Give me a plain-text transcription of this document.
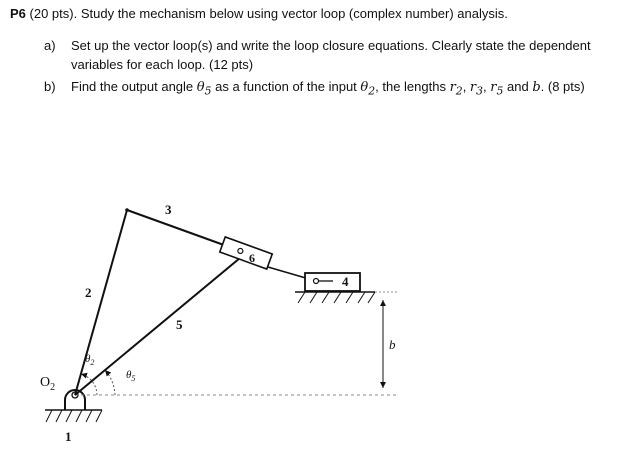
P6 (20 pts). Study the mechanism below using vector loop (complex number) analysis.
a) Set up the vector loop(s) and write the loop closure equations. Clearly state the dependent variables for each loop. (12 pts)
b) Find the output angle $\theta_5$ as a function of the input $\theta_2$, the lengths $r_2$, $r_3$, $r_5$ and b. (8 pts)
$O_2$
1
2
3
4
5
6
$\theta_2$
$\theta_5$
b
